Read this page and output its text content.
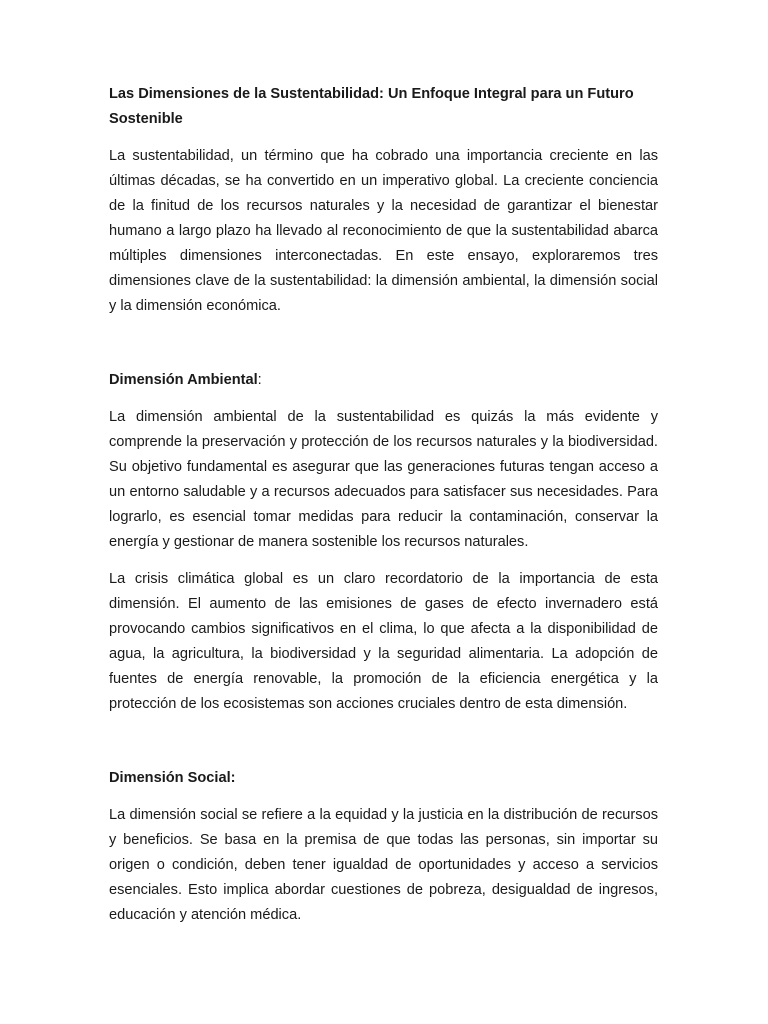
Las Dimensiones de la Sustentabilidad: Un Enfoque Integral para un Futuro Sostenible

La sustentabilidad, un término que ha cobrado una importancia creciente en las últimas décadas, se ha convertido en un imperativo global. La creciente conciencia de la finitud de los recursos naturales y la necesidad de garantizar el bienestar humano a largo plazo ha llevado al reconocimiento de que la sustentabilidad abarca múltiples dimensiones interconectadas. En este ensayo, exploraremos tres dimensiones clave de la sustentabilidad: la dimensión ambiental, la dimensión social y la dimensión económica.

Dimensión Ambiental:

La dimensión ambiental de la sustentabilidad es quizás la más evidente y comprende la preservación y protección de los recursos naturales y la biodiversidad. Su objetivo fundamental es asegurar que las generaciones futuras tengan acceso a un entorno saludable y a recursos adecuados para satisfacer sus necesidades. Para lograrlo, es esencial tomar medidas para reducir la contaminación, conservar la energía y gestionar de manera sostenible los recursos naturales.

La crisis climática global es un claro recordatorio de la importancia de esta dimensión. El aumento de las emisiones de gases de efecto invernadero está provocando cambios significativos en el clima, lo que afecta a la disponibilidad de agua, la agricultura, la biodiversidad y la seguridad alimentaria. La adopción de fuentes de energía renovable, la promoción de la eficiencia energética y la protección de los ecosistemas son acciones cruciales dentro de esta dimensión.

Dimensión Social:

La dimensión social se refiere a la equidad y la justicia en la distribución de recursos y beneficios. Se basa en la premisa de que todas las personas, sin importar su origen o condición, deben tener igualdad de oportunidades y acceso a servicios esenciales. Esto implica abordar cuestiones de pobreza, desigualdad de ingresos, educación y atención médica.
